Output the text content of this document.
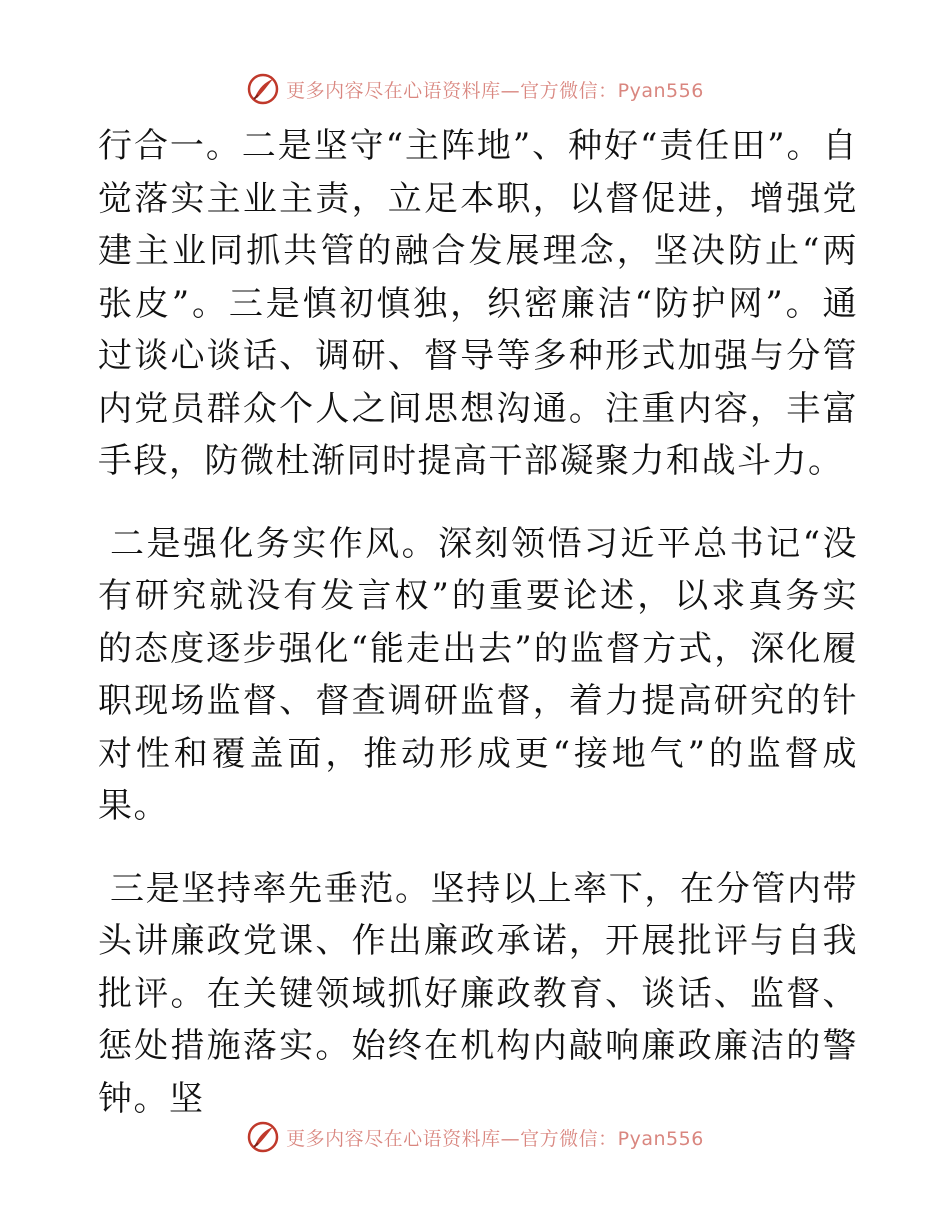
更多内容尽在心语资料库—官方微信：Pyan556

行合一。二是坚守“主阵地”、种好“责任田”。自觉落实主业主责，立足本职，以督促进，增强党建主业同抓共管的融合发展理念，坚决防止“两张皮”。三是慎初慎独，织密廉洁“防护网”。通过谈心谈话、调研、督导等多种形式加强与分管内党员群众个人之间思想沟通。注重内容，丰富手段，防微杜渐同时提高干部凝聚力和战斗力。

二是强化务实作风。深刻领悟习近平总书记“没有研究就没有发言权”的重要论述，以求真务实的态度逐步强化“能走出去”的监督方式，深化履职现场监督、督查调研监督，着力提高研究的针对性和覆盖面，推动形成更“接地气”的监督成果。

三是坚持率先垂范。坚持以上率下，在分管内带头讲廉政党课、作出廉政承诺，开展批评与自我批评。在关键领域抓好廉政教育、谈话、监督、惩处措施落实。始终在机构内敲响廉政廉洁的警钟。坚

更多内容尽在心语资料库—官方微信：Pyan556
